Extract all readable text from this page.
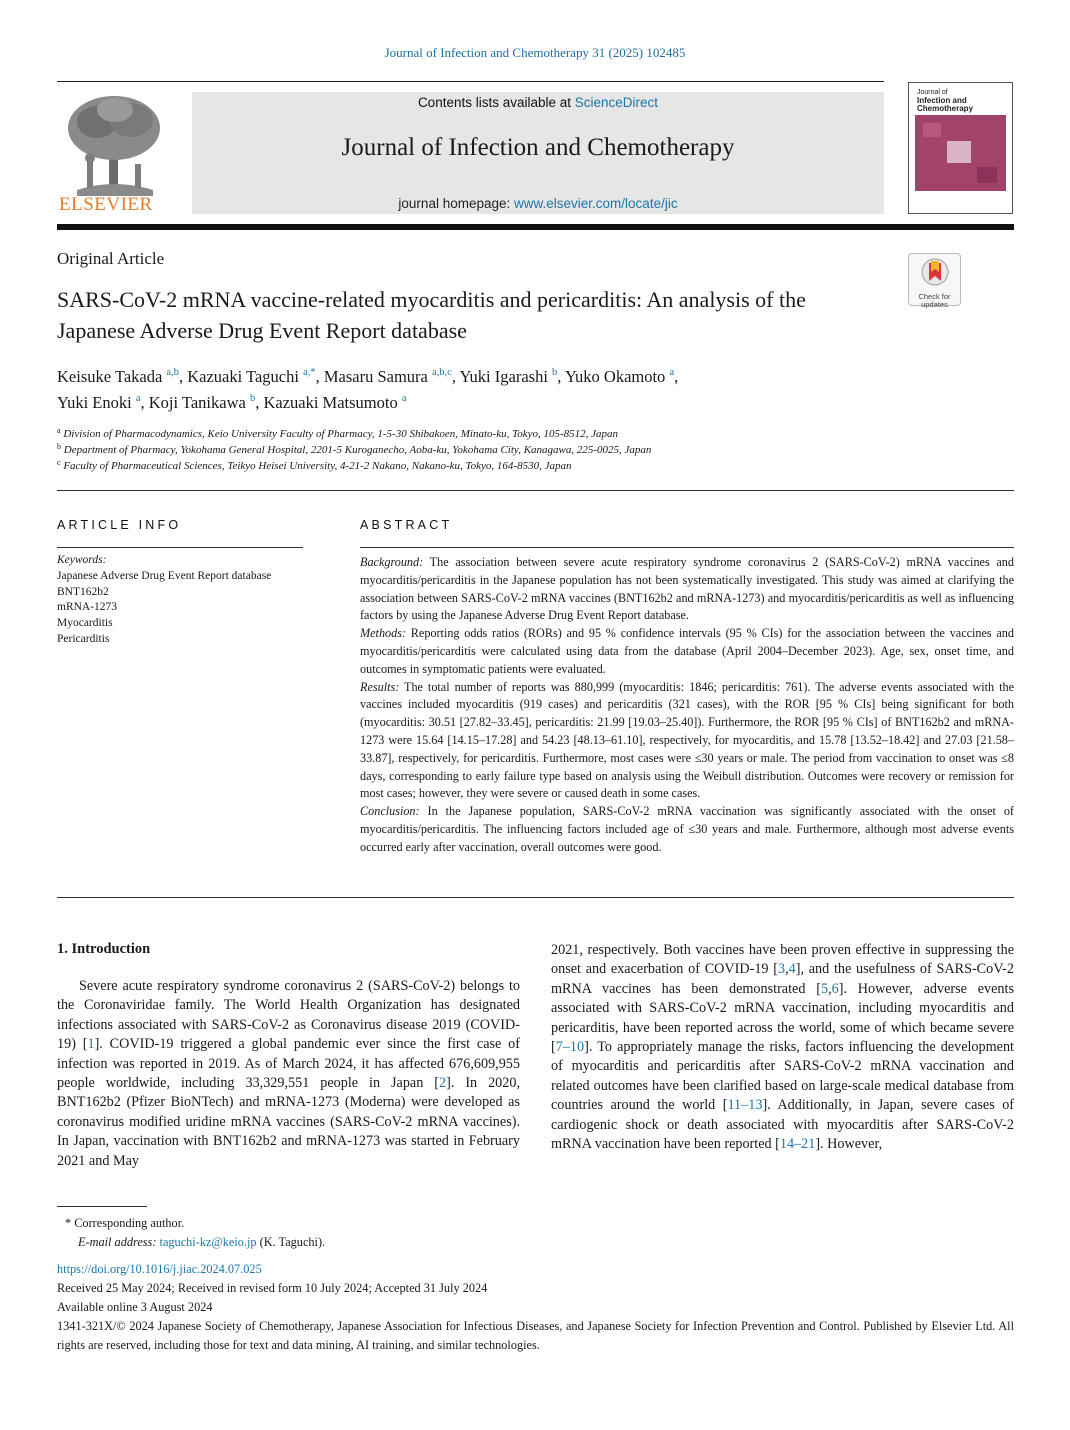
Journal of Infection and Chemotherapy 31 (2025) 102485
ELSEVIER
Contents lists available at ScienceDirect
Journal of Infection and Chemotherapy
journal homepage: www.elsevier.com/locate/jic
Journal of
Infection and Chemotherapy
Original Article
SARS-CoV-2 mRNA vaccine-related myocarditis and pericarditis: An analysis of the Japanese Adverse Drug Event Report database
Check for
updates
Keisuke Takada $^{a,b}$, Kazuaki Taguchi $^{a,*}$, Masaru Samura $^{a,b,c}$, Yuki Igarashi $^b$, Yuko Okamoto $^a$,
Yuki Enoki $^a$, Koji Tanikawa $^b$, Kazuaki Matsumoto $^a$
$^a$ Division of Pharmacodynamics, Keio University Faculty of Pharmacy, 1-5-30 Shibakoen, Minato-ku, Tokyo, 105-8512, Japan
$^b$ Department of Pharmacy, Yokohama General Hospital, 2201-5 Kuroganecho, Aoba-ku, Yokohama City, Kanagawa, 225-0025, Japan
$^c$ Faculty of Pharmaceutical Sciences, Teikyo Heisei University, 4-21-2 Nakano, Nakano-ku, Tokyo, 164-8530, Japan
ARTICLE INFO
Keywords:
Japanese Adverse Drug Event Report database
BNT162b2
mRNA-1273
Myocarditis
Pericarditis
ABSTRACT

Background: The association between severe acute respiratory syndrome coronavirus 2 (SARS-CoV-2) mRNA vaccines and myocarditis/pericarditis in the Japanese population has not been systematically investigated. This study was aimed at clarifying the association between SARS-CoV-2 mRNA vaccines (BNT162b2 and mRNA-1273) and myocarditis/pericarditis as well as influencing factors by using the Japanese Adverse Drug Event Report database.

Methods: Reporting odds ratios (RORs) and 95 % confidence intervals (95 % CIs) for the association between the vaccines and myocarditis/pericarditis were calculated using data from the database (April 2004–December 2023). Age, sex, onset time, and outcomes in symptomatic patients were evaluated.

Results: The total number of reports was 880,999 (myocarditis: 1846; pericarditis: 761). The adverse events associated with the vaccines included myocarditis (919 cases) and pericarditis (321 cases), with the ROR [95 % CIs] being significant for both (myocarditis: 30.51 [27.82–33.45], pericarditis: 21.99 [19.03–25.40]). Furthermore, the ROR [95 % CIs] of BNT162b2 and mRNA-1273 were 15.64 [14.15–17.28] and 54.23 [48.13–61.10], respectively, for myocarditis, and 15.78 [13.52–18.42] and 27.03 [21.58–33.87], respectively, for pericarditis. Furthermore, most cases were ≤30 years or male. The period from vaccination to onset was ≤8 days, corresponding to early failure type based on analysis using the Weibull distribution. Outcomes were recovery or remission for most cases; however, they were severe or caused death in some cases.

Conclusion: In the Japanese population, SARS-CoV-2 mRNA vaccination was significantly associated with the onset of myocarditis/pericarditis. The influencing factors included age of ≤30 years and male. Furthermore, although most adverse events occurred early after vaccination, overall outcomes were good.

1. Introduction

Severe acute respiratory syndrome coronavirus 2 (SARS-CoV-2) belongs to the Coronaviridae family. The World Health Organization has designated infections associated with SARS-CoV-2 as Coronavirus disease 2019 (COVID-19) [1]. COVID-19 triggered a global pandemic ever since the first case of infection was reported in 2019. As of March 2024, it has affected 676,609,955 people worldwide, including 33,329,551 people in Japan [2]. In 2020, BNT162b2 (Pfizer BioNTech) and mRNA-1273 (Moderna) were developed as coronavirus modified uridine mRNA vaccines (SARS-CoV-2 mRNA vaccines). In Japan, vaccination with BNT162b2 and mRNA-1273 was started in February 2021 and May

2021, respectively. Both vaccines have been proven effective in suppressing the onset and exacerbation of COVID-19 [3,4], and the usefulness of SARS-CoV-2 mRNA vaccines has been demonstrated [5,6]. However, adverse events associated with SARS-CoV-2 mRNA vaccination, including myocarditis and pericarditis, have been reported across the world, some of which became severe [7–10]. To appropriately manage the risks, factors influencing the development of myocarditis and pericarditis after SARS-CoV-2 mRNA vaccination and related outcomes have been clarified based on large-scale medical database from countries around the world [11–13]. Additionally, in Japan, severe cases of cardiogenic shock or death associated with myocarditis after SARS-CoV-2 mRNA vaccination have been reported [14–21]. However,

* Corresponding author.
E-mail address: taguchi-kz@keio.jp (K. Taguchi).
https://doi.org/10.1016/j.jiac.2024.07.025
Received 25 May 2024; Received in revised form 10 July 2024; Accepted 31 July 2024
Available online 3 August 2024
1341-321X/© 2024 Japanese Society of Chemotherapy, Japanese Association for Infectious Diseases, and Japanese Society for Infection Prevention and Control. Published by Elsevier Ltd. All rights are reserved, including those for text and data mining, AI training, and similar technologies.
